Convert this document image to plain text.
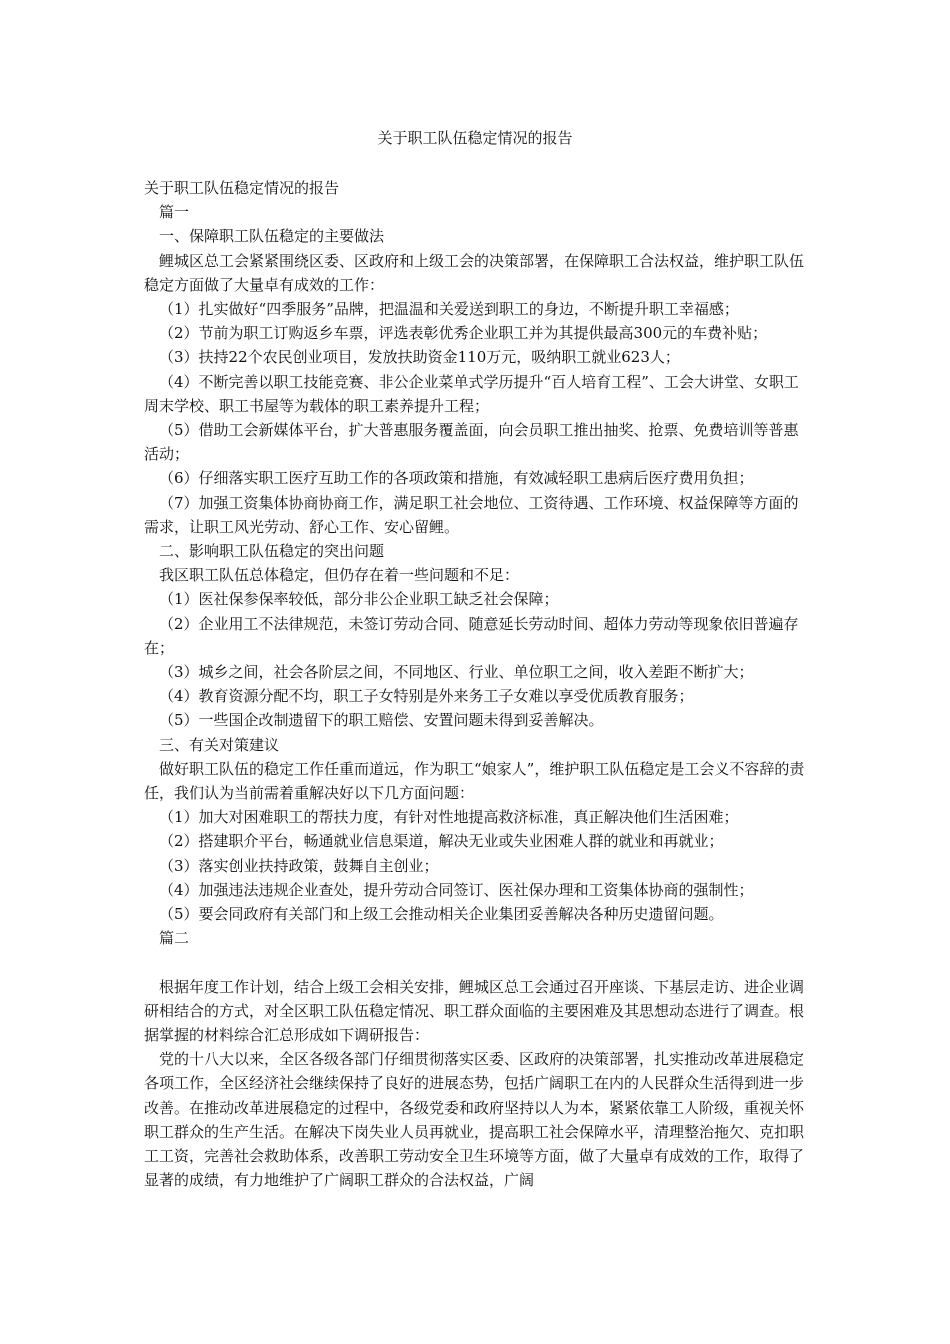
关于职工队伍稳定情况的报告

关于职工队伍稳定情况的报告

篇一

一、保障职工队伍稳定的主要做法

鲤城区总工会紧紧围绕区委、区政府和上级工会的决策部署，在保障职工合法权益，维护职工队伍稳定方面做了大量卓有成效的工作：

（1）扎实做好“四季服务”品牌，把温温和关爱送到职工的身边，不断提升职工幸福感；

（2）节前为职工订购返乡车票，评选表彰优秀企业职工并为其提供最高300元的车费补贴；

（3）扶持22个农民创业项目，发放扶助资金110万元，吸纳职工就业623人；

（4）不断完善以职工技能竞赛、非公企业菜单式学历提升“百人培育工程”、工会大讲堂、女职工周末学校、职工书屋等为载体的职工素养提升工程；

（5）借助工会新媒体平台，扩大普惠服务覆盖面，向会员职工推出抽奖、抢票、免费培训等普惠活动；

（6）仔细落实职工医疗互助工作的各项政策和措施，有效减轻职工患病后医疗费用负担；

（7）加强工资集体协商协商工作，满足职工社会地位、工资待遇、工作环境、权益保障等方面的需求，让职工风光劳动、舒心工作、安心留鲤。

二、影响职工队伍稳定的突出问题

我区职工队伍总体稳定，但仍存在着一些问题和不足：

（1）医社保参保率较低，部分非公企业职工缺乏社会保障；

（2）企业用工不法律规范，未签订劳动合同、随意延长劳动时间、超体力劳动等现象依旧普遍存在；

（3）城乡之间，社会各阶层之间，不同地区、行业、单位职工之间，收入差距不断扩大；

（4）教育资源分配不均，职工子女特别是外来务工子女难以享受优质教育服务；

（5）一些国企改制遗留下的职工赔偿、安置问题未得到妥善解决。

三、有关对策建议

做好职工队伍的稳定工作任重而道远，作为职工“娘家人”，维护职工队伍稳定是工会义不容辞的责任，我们认为当前需着重解决好以下几方面问题：

（1）加大对困难职工的帮扶力度，有针对性地提高救济标准，真正解决他们生活困难；

（2）搭建职介平台，畅通就业信息渠道，解决无业或失业困难人群的就业和再就业；

（3）落实创业扶持政策，鼓舞自主创业；

（4）加强违法违规企业查处，提升劳动合同签订、医社保办理和工资集体协商的强制性；

（5）要会同政府有关部门和上级工会推动相关企业集团妥善解决各种历史遗留问题。

篇二

根据年度工作计划，结合上级工会相关安排，鲤城区总工会通过召开座谈、下基层走访、进企业调研相结合的方式，对全区职工队伍稳定情况、职工群众面临的主要困难及其思想动态进行了调查。根据掌握的材料综合汇总形成如下调研报告：

党的十八大以来，全区各级各部门仔细贯彻落实区委、区政府的决策部署，扎实推动改革进展稳定各项工作，全区经济社会继续保持了良好的进展态势，包括广阔职工在内的人民群众生活得到进一步改善。在推动改革进展稳定的过程中，各级党委和政府坚持以人为本，紧紧依靠工人阶级，重视关怀职工群众的生产生活。在解决下岗失业人员再就业，提高职工社会保障水平，清理整治拖欠、克扣职工工资，完善社会救助体系，改善职工劳动安全卫生环境等方面，做了大量卓有成效的工作，取得了显著的成绩，有力地维护了广阔职工群众的合法权益，广阔
